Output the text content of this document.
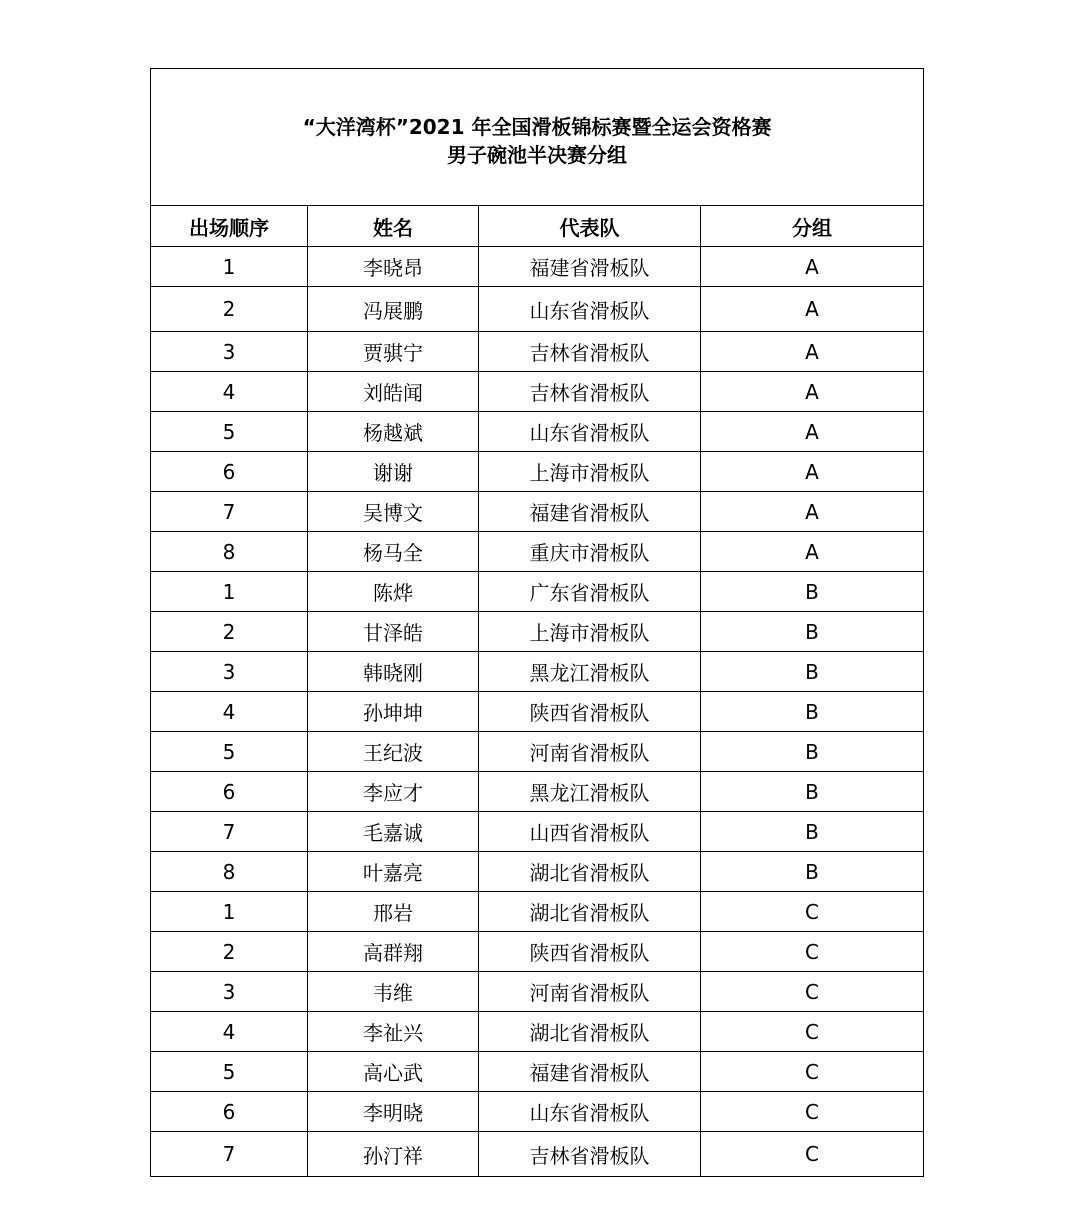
“大洋湾杯”2021 年全国滑板锦标赛暨全运会资格赛
男子碗池半决赛分组			

出场顺序	姓名	代表队	分组
1	李晓昂	福建省滑板队	A
2	冯展鹏	山东省滑板队	A
3	贾骐宁	吉林省滑板队	A
4	刘皓闻	吉林省滑板队	A
5	杨越斌	山东省滑板队	A
6	谢谢	上海市滑板队	A
7	吴博文	福建省滑板队	A
8	杨马全	重庆市滑板队	A
1	陈烨	广东省滑板队	B
2	甘泽皓	上海市滑板队	B
3	韩晓刚	黑龙江滑板队	B
4	孙坤坤	陕西省滑板队	B
5	王纪波	河南省滑板队	B
6	李应才	黑龙江滑板队	B
7	毛嘉诚	山西省滑板队	B
8	叶嘉亮	湖北省滑板队	B
1	邢岩	湖北省滑板队	C
2	高群翔	陕西省滑板队	C
3	韦维	河南省滑板队	C
4	李祉兴	湖北省滑板队	C
5	高心武	福建省滑板队	C
6	李明晓	山东省滑板队	C
7	孙汀祥	吉林省滑板队	C
